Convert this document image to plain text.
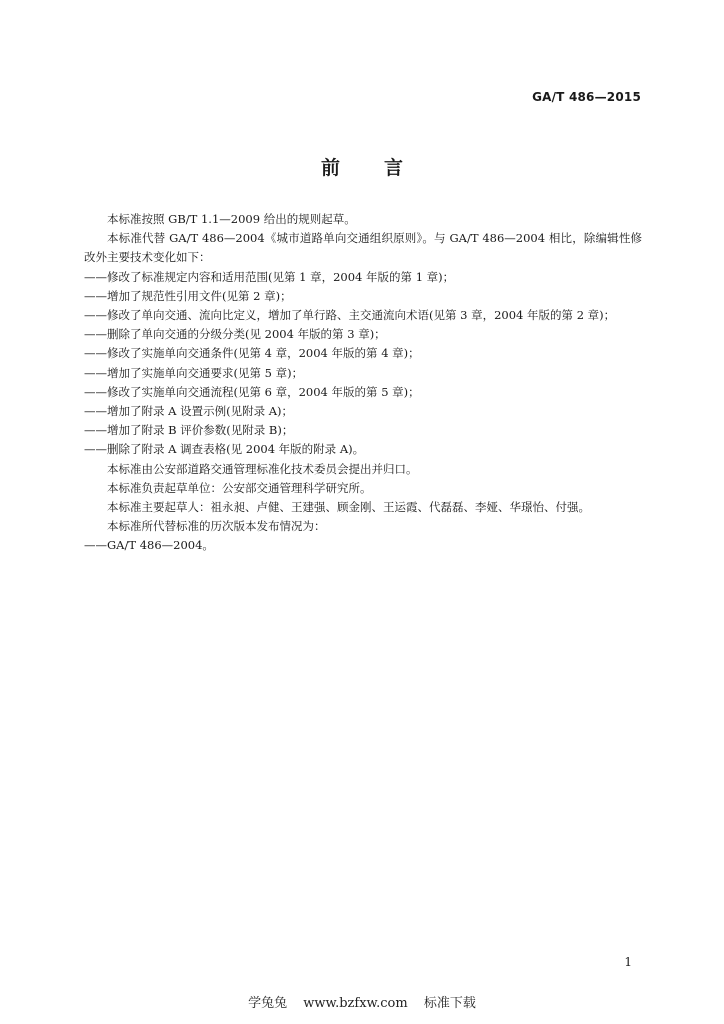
GA/T 486—2015
前 言

本标准按照 GB/T 1.1—2009 给出的规则起草。

本标准代替 GA/T 486—2004《城市道路单向交通组织原则》。与 GA/T 486—2004 相比，除编辑性修改外主要技术变化如下：

——修改了标准规定内容和适用范围(见第 1 章，2004 年版的第 1 章)；

——增加了规范性引用文件(见第 2 章)；

——修改了单向交通、流向比定义，增加了单行路、主交通流向术语(见第 3 章，2004 年版的第 2 章)；

——删除了单向交通的分级分类(见 2004 年版的第 3 章)；

——修改了实施单向交通条件(见第 4 章，2004 年版的第 4 章)；

——增加了实施单向交通要求(见第 5 章)；

——修改了实施单向交通流程(见第 6 章，2004 年版的第 5 章)；

——增加了附录 A 设置示例(见附录 A)；

——增加了附录 B 评价参数(见附录 B)；

——删除了附录 A 调查表格(见 2004 年版的附录 A)。

本标准由公安部道路交通管理标准化技术委员会提出并归口。

本标准负责起草单位：公安部交通管理科学研究所。

本标准主要起草人：祖永昶、卢健、王建强、顾金刚、王运霞、代磊磊、李娅、华璟怡、付强。

本标准所代替标准的历次版本发布情况为：

——GA/T 486—2004。

1
学兔兔 www.bzfxw.com 标准下载
